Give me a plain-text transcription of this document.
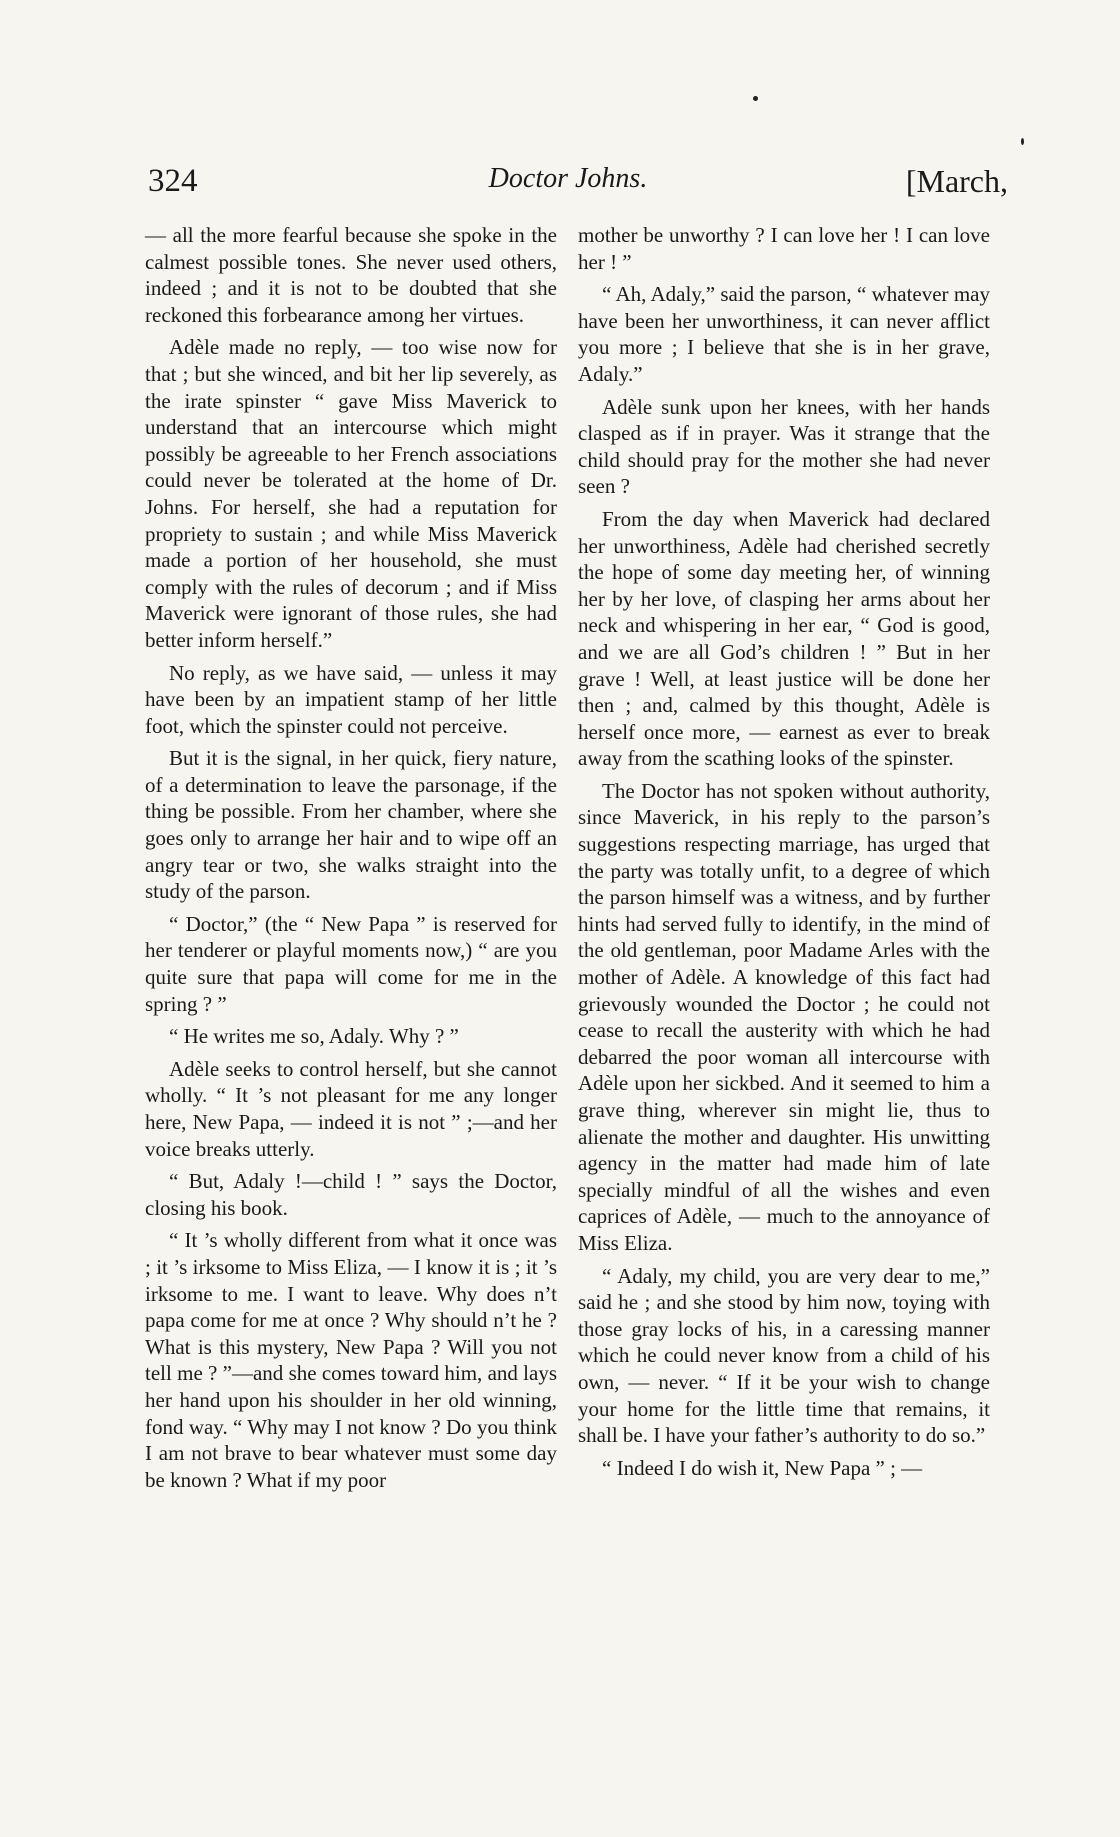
324	Doctor Johns.	[March,

— all the more fearful because she spoke in the calmest possible tones. She never used others, indeed ; and it is not to be doubted that she reckoned this forbearance among her virtues.

Adèle made no reply, — too wise now for that ; but she winced, and bit her lip severely, as the irate spinster “ gave Miss Maverick to understand that an intercourse which might possibly be agreeable to her French associations could never be tolerated at the home of Dr. Johns. For herself, she had a reputation for propriety to sustain ; and while Miss Maverick made a portion of her household, she must comply with the rules of decorum ; and if Miss Maverick were ignorant of those rules, she had better inform herself.”

No reply, as we have said, — unless it may have been by an impatient stamp of her little foot, which the spinster could not perceive.

But it is the signal, in her quick, fiery nature, of a determination to leave the parsonage, if the thing be possible. From her chamber, where she goes only to arrange her hair and to wipe off an angry tear or two, she walks straight into the study of the parson.

“ Doctor,” (the “ New Papa ” is reserved for her tenderer or playful moments now,) “ are you quite sure that papa will come for me in the spring ? ”

“ He writes me so, Adaly. Why ? ”

Adèle seeks to control herself, but she cannot wholly. “ It ’s not pleasant for me any longer here, New Papa, — indeed it is not ” ;—and her voice breaks utterly.

“ But, Adaly !—child ! ” says the Doctor, closing his book.

“ It ’s wholly different from what it once was ; it ’s irksome to Miss Eliza, — I know it is ; it ’s irksome to me. I want to leave. Why does n’t papa come for me at once ? Why should n’t he ? What is this mystery, New Papa ? Will you not tell me ? ”—and she comes toward him, and lays her hand upon his shoulder in her old winning, fond way. “ Why may I not know ? Do you think I am not brave to bear whatever must some day be known ? What if my poor

mother be unworthy ? I can love her ! I can love her ! ”

“ Ah, Adaly,” said the parson, “ whatever may have been her unworthiness, it can never afflict you more ; I believe that she is in her grave, Adaly.”

Adèle sunk upon her knees, with her hands clasped as if in prayer. Was it strange that the child should pray for the mother she had never seen ?

From the day when Maverick had declared her unworthiness, Adèle had cherished secretly the hope of some day meeting her, of winning her by her love, of clasping her arms about her neck and whispering in her ear, “ God is good, and we are all God’s children ! ” But in her grave ! Well, at least justice will be done her then ; and, calmed by this thought, Adèle is herself once more, — earnest as ever to break away from the scathing looks of the spinster.

The Doctor has not spoken without authority, since Maverick, in his reply to the parson’s suggestions respecting marriage, has urged that the party was totally unfit, to a degree of which the parson himself was a witness, and by further hints had served fully to identify, in the mind of the old gentleman, poor Madame Arles with the mother of Adèle. A knowledge of this fact had grievously wounded the Doctor ; he could not cease to recall the austerity with which he had debarred the poor woman all intercourse with Adèle upon her sickbed. And it seemed to him a grave thing, wherever sin might lie, thus to alienate the mother and daughter. His unwitting agency in the matter had made him of late specially mindful of all the wishes and even caprices of Adèle, — much to the annoyance of Miss Eliza.

“ Adaly, my child, you are very dear to me,” said he ; and she stood by him now, toying with those gray locks of his, in a caressing manner which he could never know from a child of his own, — never. “ If it be your wish to change your home for the little time that remains, it shall be. I have your father’s authority to do so.”

“ Indeed I do wish it, New Papa ” ; —
